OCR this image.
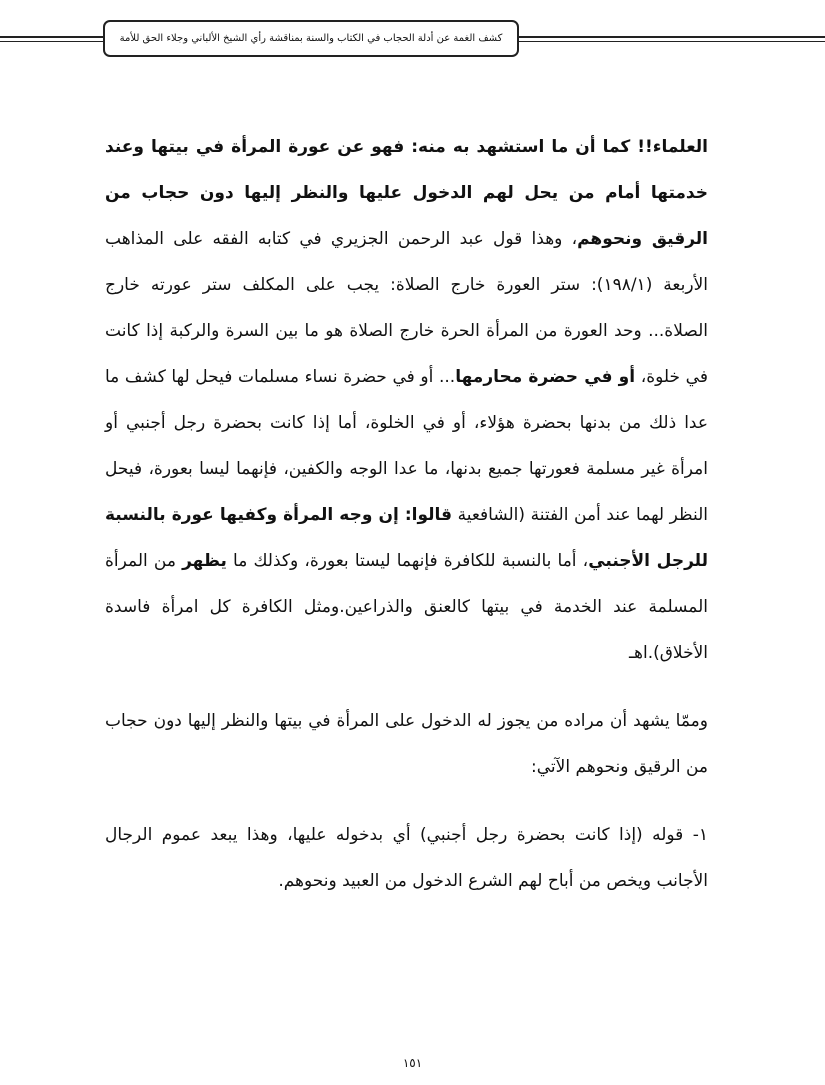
كشف الغمة عن أدلة الحجاب في الكتاب والسنة بمناقشة رأي الشيخ الألباني وجلاء الحق للأمة

العلماء!! كما أن ما استشهد به منه: فهو عن عورة المرأة في بيتها وعند خدمتها أمام من يحل لهم الدخول عليها والنظر إليها دون حجاب من الرقيق ونحوهم، وهذا قول عبد الرحمن الجزيري في كتابه الفقه على المذاهب الأربعة (١٩٨/١): ستر العورة خارج الصلاة: يجب على المكلف ستر عورته خارج الصلاة... وحد العورة من المرأة الحرة خارج الصلاة هو ما بين السرة والركبة إذا كانت في خلوة، أو في حضرة محارمها... أو في حضرة نساء مسلمات فيحل لها كشف ما عدا ذلك من بدنها بحضرة هؤلاء، أو في الخلوة، أما إذا كانت بحضرة رجل أجنبي أو امرأة غير مسلمة فعورتها جميع بدنها، ما عدا الوجه والكفين، فإنهما ليسا بعورة، فيحل النظر لهما عند أمن الفتنة (الشافعية قالوا: إن وجه المرأة وكفيها عورة بالنسبة للرجل الأجنبي، أما بالنسبة للكافرة فإنهما ليستا بعورة، وكذلك ما يظهر من المرأة المسلمة عند الخدمة في بيتها كالعنق والذراعين.ومثل الكافرة كل امرأة فاسدة الأخلاق).اهـ

وممّا يشهد أن مراده من يجوز له الدخول على المرأة في بيتها والنظر إليها دون حجاب من الرقيق ونحوهم الآتي:

١- قوله (إذا كانت بحضرة رجل أجنبي) أي بدخوله عليها، وهذا يبعد عموم الرجال الأجانب ويخص من أباح لهم الشرع الدخول من العبيد ونحوهم.

١٥١
